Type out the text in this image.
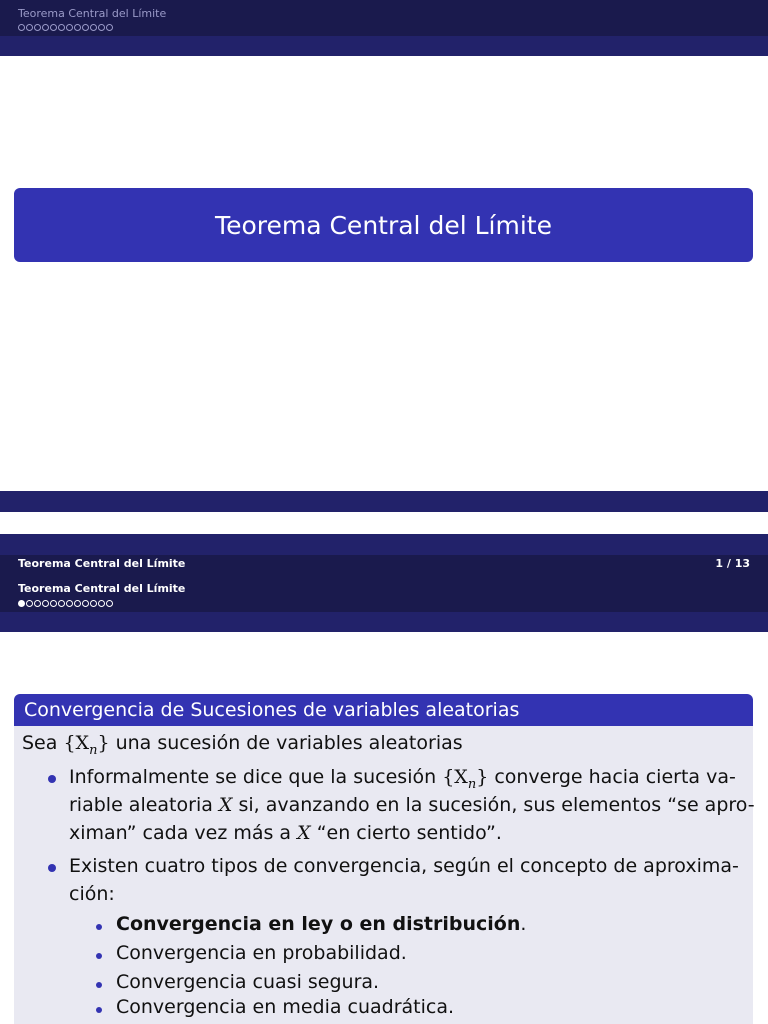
Teorema Central del Límite
Teorema Central del Límite
Teorema Central del Límite	1 / 13
Teorema Central del Límite
Convergencia de Sucesiones de variables aleatorias
Sea $\{X_n\}$ una sucesión de variables aleatorias
Informalmente se dice que la sucesión $\{X_n\}$ converge hacia cierta va-
riable aleatoria X si, avanzando en la sucesión, sus elementos “se apro-
ximan” cada vez más a X “en cierto sentido”.
Existen cuatro tipos de convergencia, según el concepto de aproxima-
ción:
Convergencia en ley o en distribución.
Convergencia en probabilidad.
Convergencia cuasi segura.
Convergencia en media cuadrática.
